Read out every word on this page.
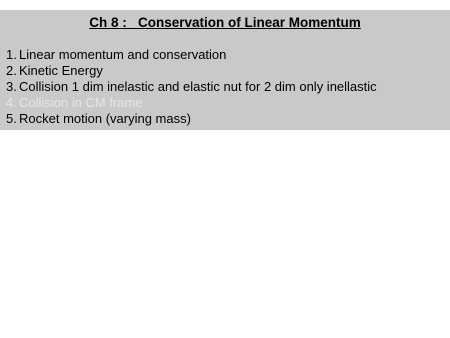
Ch 8 :   Conservation of Linear Momentum
1. Linear momentum and conservation
2. Kinetic Energy
3. Collision 1 dim inelastic and elastic nut for 2 dim only inellastic
4. Collision in CM frame
5. Rocket motion (varying mass)
